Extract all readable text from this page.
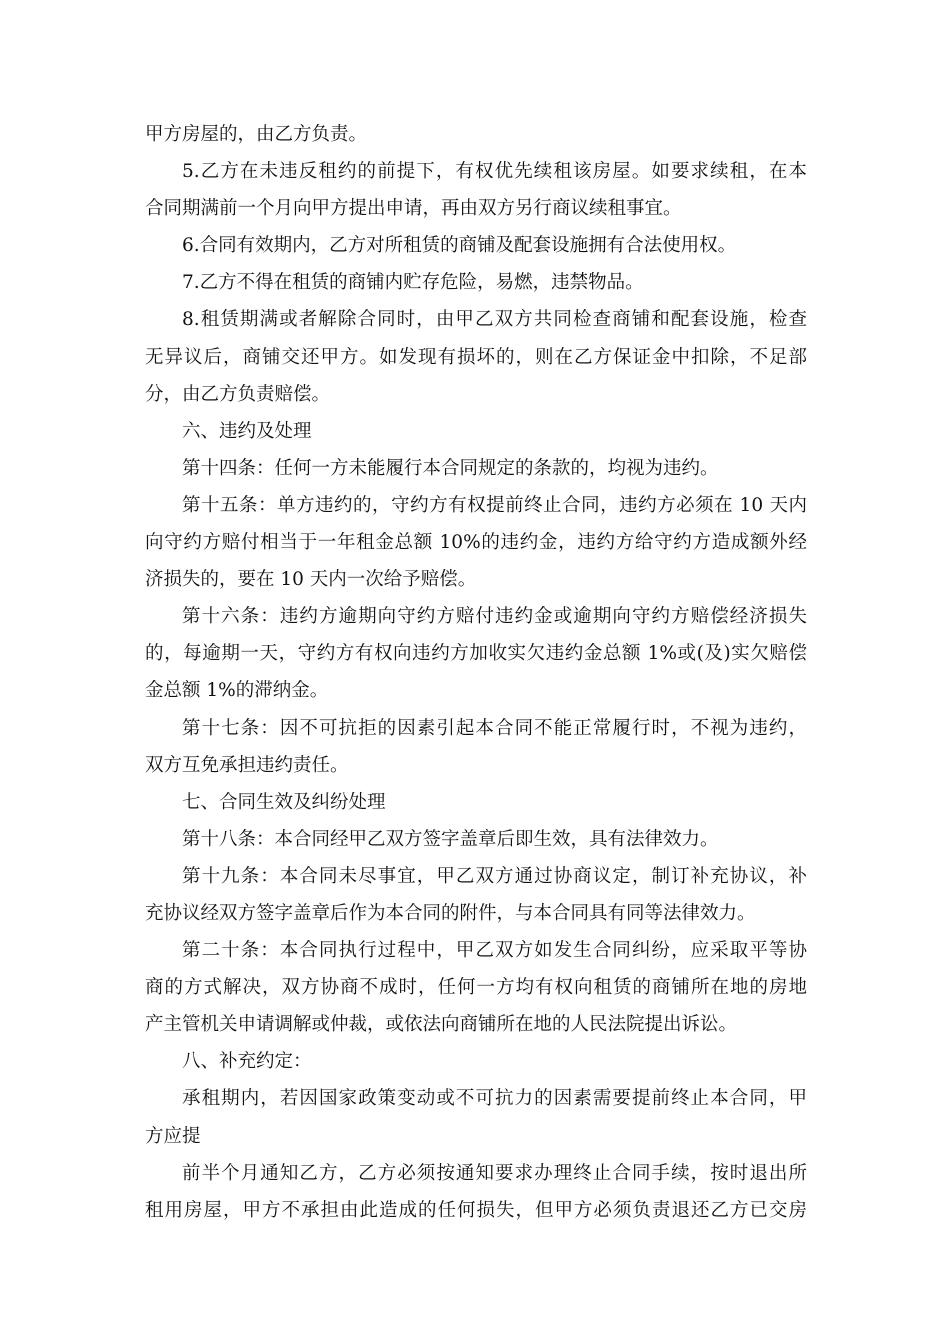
甲方房屋的，由乙方负责。
5.乙方在未违反租约的前提下，有权优先续租该房屋。如要求续租，在本
合同期满前一个月向甲方提出申请，再由双方另行商议续租事宜。
6.合同有效期内，乙方对所租赁的商铺及配套设施拥有合法使用权。
7.乙方不得在租赁的商铺内贮存危险，易燃，违禁物品。
8.租赁期满或者解除合同时，由甲乙双方共同检查商铺和配套设施，检查
无异议后，商铺交还甲方。如发现有损坏的，则在乙方保证金中扣除，不足部
分，由乙方负责赔偿。
六、违约及处理
第十四条：任何一方未能履行本合同规定的条款的，均视为违约。
第十五条：单方违约的，守约方有权提前终止合同，违约方必须在 10 天内
向守约方赔付相当于一年租金总额 10%的违约金，违约方给守约方造成额外经
济损失的，要在 10 天内一次给予赔偿。
第十六条：违约方逾期向守约方赔付违约金或逾期向守约方赔偿经济损失
的，每逾期一天，守约方有权向违约方加收实欠违约金总额 1%或(及)实欠赔偿
金总额 1%的滞纳金。
第十七条：因不可抗拒的因素引起本合同不能正常履行时，不视为违约，
双方互免承担违约责任。
七、合同生效及纠纷处理
第十八条：本合同经甲乙双方签字盖章后即生效，具有法律效力。
第十九条：本合同未尽事宜，甲乙双方通过协商议定，制订补充协议，补
充协议经双方签字盖章后作为本合同的附件，与本合同具有同等法律效力。
第二十条：本合同执行过程中，甲乙双方如发生合同纠纷，应采取平等协
商的方式解决，双方协商不成时，任何一方均有权向租赁的商铺所在地的房地
产主管机关申请调解或仲裁，或依法向商铺所在地的人民法院提出诉讼。
八、补充约定：
承租期内，若因国家政策变动或不可抗力的因素需要提前终止本合同，甲
方应提
前半个月通知乙方，乙方必须按通知要求办理终止合同手续，按时退出所
租用房屋，甲方不承担由此造成的任何损失，但甲方必须负责退还乙方已交房
